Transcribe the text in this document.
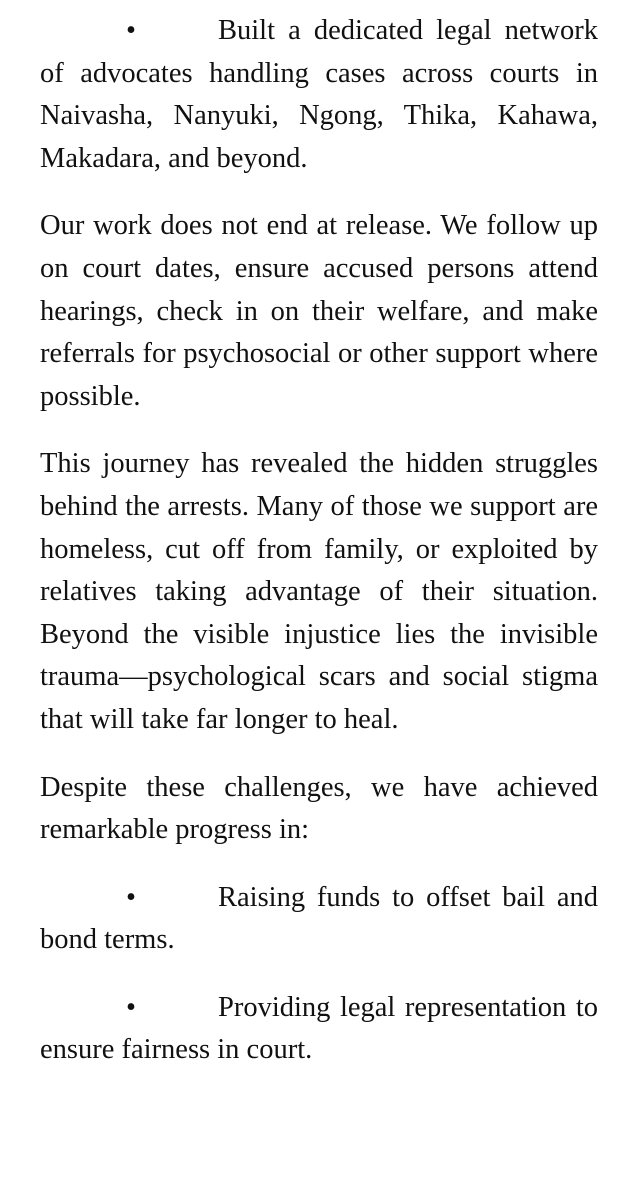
•	Built a dedicated legal network of advocates handling cases across courts in Naivasha, Nanyuki, Ngong, Thika, Kahawa, Makadara, and beyond.

Our work does not end at release. We follow up on court dates, ensure accused persons attend hearings, check in on their welfare, and make referrals for psychosocial or other support where possible.

This journey has revealed the hidden struggles behind the arrests. Many of those we support are homeless, cut off from family, or exploited by relatives taking advantage of their situation. Beyond the visible injustice lies the invisible trauma—psychological scars and social stigma that will take far longer to heal.

Despite these challenges, we have achieved remarkable progress in:

•	Raising funds to offset bail and bond terms.

•	Providing legal representation to ensure fairness in court.
